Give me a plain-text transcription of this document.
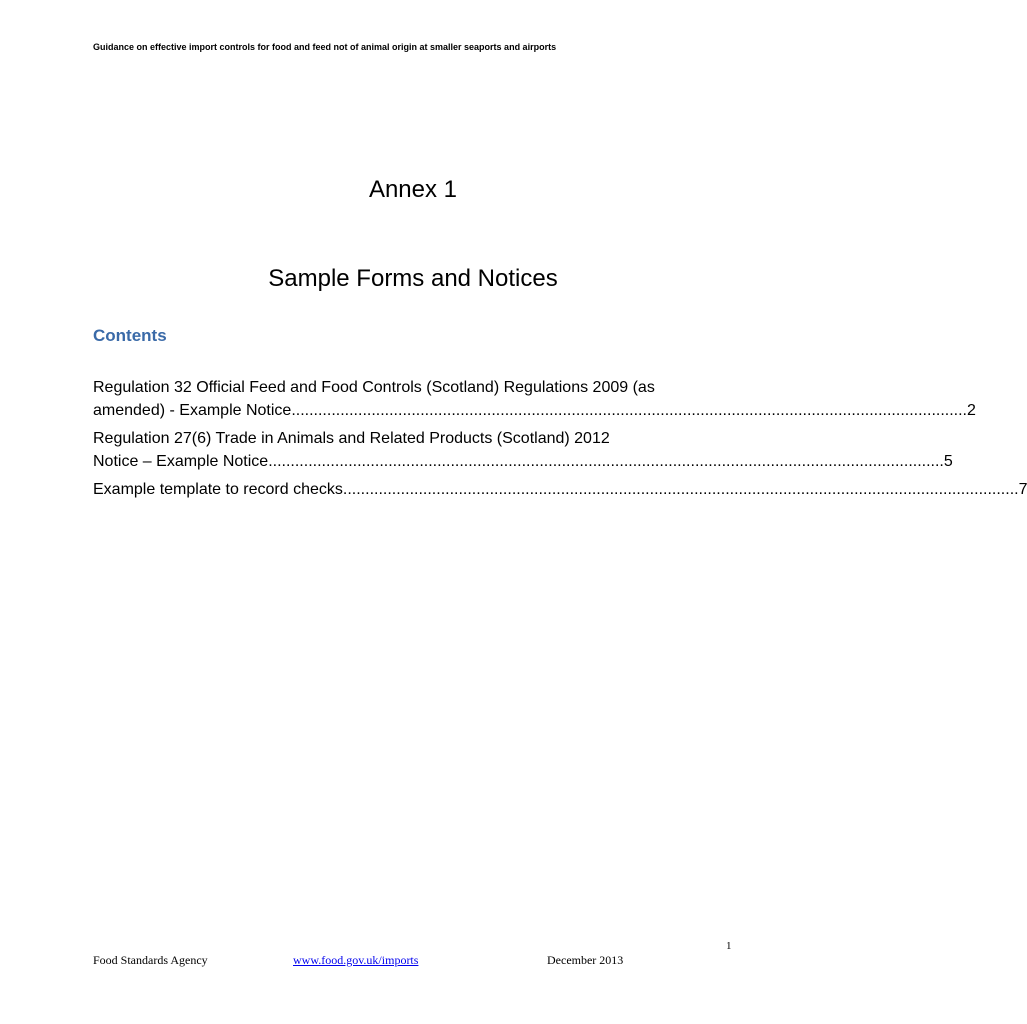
Guidance on effective import controls for food and feed not of animal origin at smaller seaports and airports
Annex 1
Sample Forms and Notices
Contents
Regulation 32 Official Feed and Food Controls (Scotland) Regulations 2009 (as
amended) - Example Notice ........................................................................................................................................................ 2
Regulation 27(6) Trade in Animals and Related Products (Scotland) 2012
Notice – Example Notice ........................................................................................................................................................ 5
Example template to record checks ........................................................................................................................................................ 7
1
Food Standards Agency	www.food.gov.uk/imports	December 2013
